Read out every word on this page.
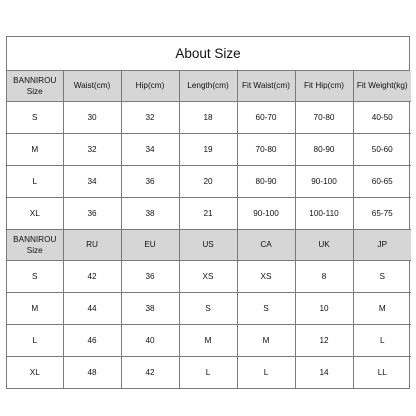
About Size
BANNIROU
Size	Waist(cm)	Hip(cm)	Length(cm)	Fit Waist(cm)	Fit Hip(cm)	Fit Weight(kg)

S	30	32	18	60-70	70-80	40-50
M	32	34	19	70-80	80-90	50-60
L	34	36	20	80-90	90-100	60-65
XL	36	38	21	90-100	100-110	65-75

BANNIROU
Size	RU	EU	US	CA	UK	JP

S	42	36	XS	XS	8	S
M	44	38	S	S	10	M
L	46	40	M	M	12	L
XL	48	42	L	L	14	LL
